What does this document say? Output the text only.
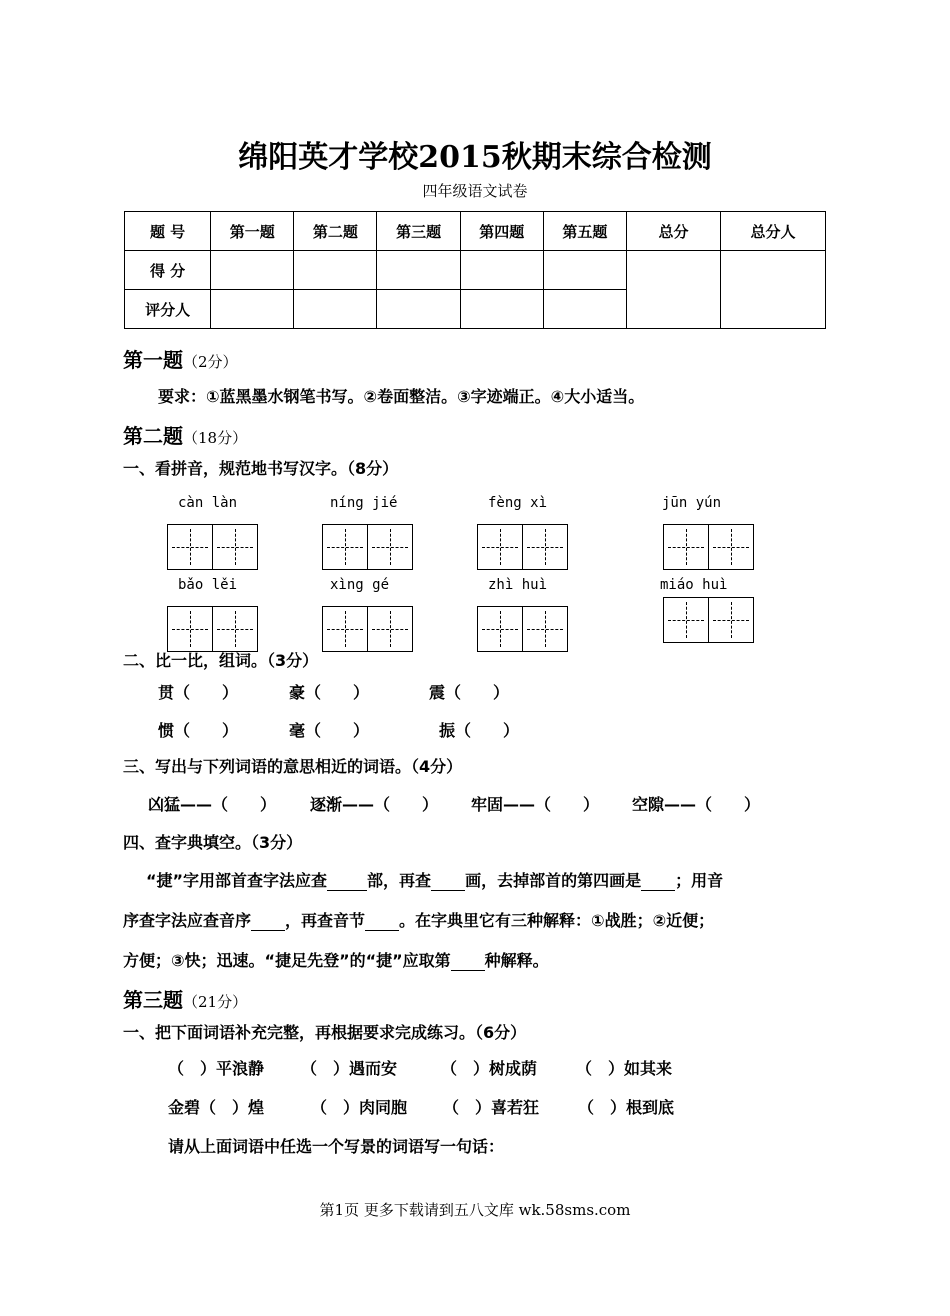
绵阳英才学校2015秋期末综合检测
四年级语文试卷
题 号	第一题	第二题	第三题	第四题	第五题	总分	总分人
得 分							
评分人							
第一题（2分）
要求：①蓝黑墨水钢笔书写。②卷面整洁。③字迹端正。④大小适当。
第二题（18分）
一、看拼音，规范地书写汉字。（8分）
càn làn	níng jié	fèng xì	jūn yún
bǎo lěi	xìng gé	zhì huì	miáo huì
二、比一比，组词。（3分）
贯（　　）	豪（　　）	震（　　）
惯（　　）	毫（　　）	振（　　）
三、写出与下列词语的意思相近的词语。（4分）
凶猛——（　　） 逐渐——（　　） 牢固——（　　） 空隙——（　　）
四、查字典填空。（3分）
“捷”字用部首查字法应查	部，再查 画，去掉部首的第四画是 ；用音
序查字法应查音序 ，再查音节 。在字典里它有三种解释：①战胜；②近便；
方便；③快；迅速。“捷足先登”的“捷”应取第 种解释。
第三题（21分）
一、把下面词语补充完整，再根据要求完成练习。（6分）
（　）平浪静 （　）遇而安	（　）树成荫 （　）如其来
金碧（　）煌	（　）肉同胞 （　）喜若狂 （　）根到底
请从上面词语中任选一个写景的词语写一句话：
第1页 更多下载请到五八文库 wk.58sms.com
